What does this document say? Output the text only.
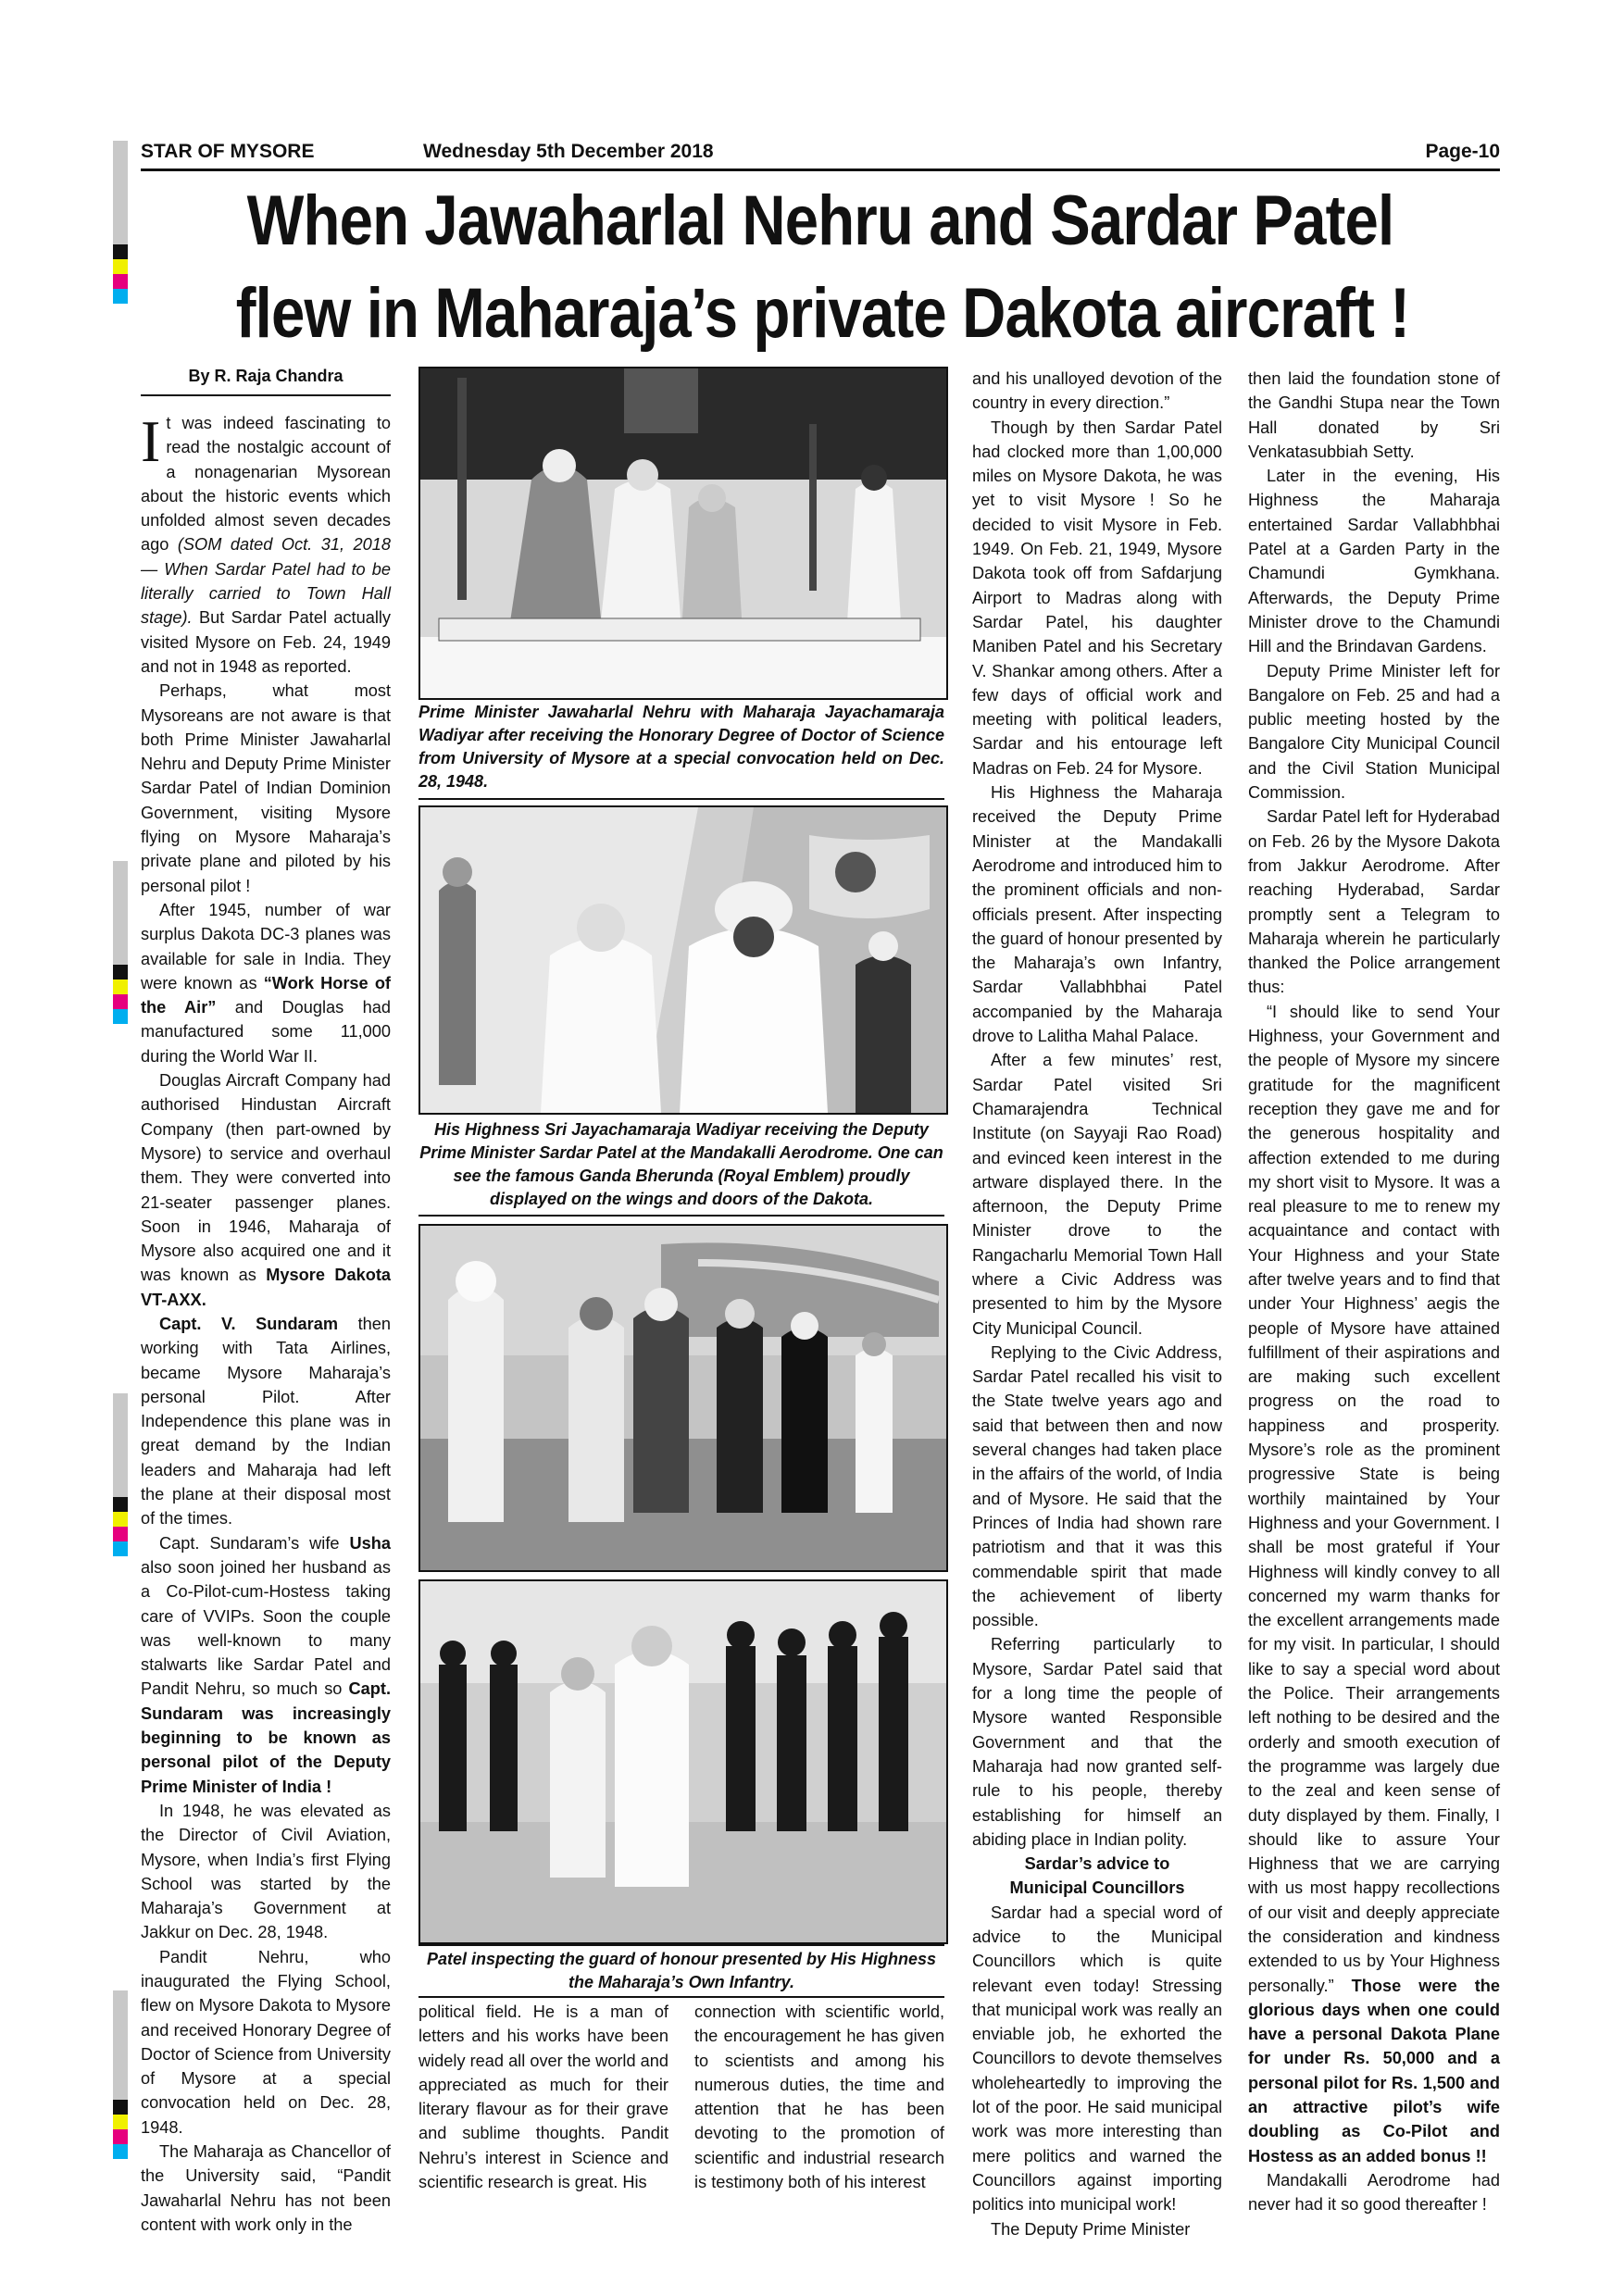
STAR OF MYSORE	Wednesday 5th December 2018	Page-10
When Jawaharlal Nehru and Sardar Patel
flew in Maharaja’s private Dakota aircraft !
By R. Raja Chandra

It was indeed fascinating to read the nostalgic account of a nonagenarian Mysorean about the historic events which unfolded almost seven decades ago (SOM dated Oct. 31, 2018 — When Sardar Patel had to be literally carried to Town Hall stage). But Sardar Patel actually visited Mysore on Feb. 24, 1949 and not in 1948 as reported.

Perhaps, what most Mysoreans are not aware is that both Prime Minister Jawaharlal Nehru and Deputy Prime Minister Sardar Patel of Indian Dominion Government, visiting Mysore flying on Mysore Maharaja’s private plane and piloted by his personal pilot !

After 1945, number of war surplus Dakota DC-3 planes was available for sale in India. They were known as “Work Horse of the Air” and Douglas had manufactured some 11,000 during the World War II.

Douglas Aircraft Company had authorised Hindustan Aircraft Company (then part-owned by Mysore) to service and overhaul them. They were converted into 21-seater passenger planes. Soon in 1946, Maharaja of Mysore also acquired one and it was known as Mysore Dakota VT-AXX.

Capt. V. Sundaram then working with Tata Airlines, became Mysore Maharaja’s personal Pilot. After Independence this plane was in great demand by the Indian leaders and Maharaja had left the plane at their disposal most of the times.

Capt. Sundaram’s wife Usha also soon joined her husband as a Co-Pilot-cum-Hostess taking care of VVIPs. Soon the couple was well-known to many stalwarts like Sardar Patel and Pandit Nehru, so much so Capt. Sundaram was increasingly beginning to be known as personal pilot of the Deputy Prime Minister of India !

In 1948, he was elevated as the Director of Civil Aviation, Mysore, when India’s first Flying School was started by the Maharaja’s Government at Jakkur on Dec. 28, 1948.

Pandit Nehru, who inaugurated the Flying School, flew on Mysore Dakota to Mysore and received Honorary Degree of Doctor of Science from University of Mysore at a special convocation held on Dec. 28, 1948.

The Maharaja as Chancellor of the University said, “Pandit Jawaharlal Nehru has not been content with work only in the

Prime Minister Jawaharlal Nehru with Maharaja Jayachamaraja Wadiyar after receiving the Honorary Degree of Doctor of Science from University of Mysore at a special convocation held on Dec. 28, 1948.
His Highness Sri Jayachamaraja Wadiyar receiving the Deputy Prime Minister Sardar Patel at the Mandakalli Aerodrome. One can see the famous Ganda Bherunda (Royal Emblem) proudly displayed on the wings and doors of the Dakota.
Patel inspecting the guard of honour presented by His Highness the Maharaja’s Own Infantry.

political field. He is a man of letters and his works have been widely read all over the world and appreciated as much for their literary flavour as for their grave and sublime thoughts. Pandit Nehru’s interest in Science and scientific research is great. His

connection with scientific world, the encouragement he has given to scientists and among his numerous duties, the time and attention that he has been devoting to the promotion of scientific and industrial research is testimony both of his interest

and his unalloyed devotion of the country in every direction.”

Though by then Sardar Patel had clocked more than 1,00,000 miles on Mysore Dakota, he was yet to visit Mysore ! So he decided to visit Mysore in Feb. 1949. On Feb. 21, 1949, Mysore Dakota took off from Safdarjung Airport to Madras along with Sardar Patel, his daughter Maniben Patel and his Secretary V. Shankar among others. After a few days of official work and meeting with political leaders, Sardar and his entourage left Madras on Feb. 24 for Mysore.

His Highness the Maharaja received the Deputy Prime Minister at the Mandakalli Aerodrome and introduced him to the prominent officials and non-officials present. After inspecting the guard of honour presented by the Maharaja’s own Infantry, Sardar Vallabhbhai Patel accompanied by the Maharaja drove to Lalitha Mahal Palace.

After a few minutes’ rest, Sardar Patel visited Sri Chamarajendra Technical Institute (on Sayyaji Rao Road) and evinced keen interest in the artware displayed there. In the afternoon, the Deputy Prime Minister drove to the Rangacharlu Memorial Town Hall where a Civic Address was presented to him by the Mysore City Municipal Council.

Replying to the Civic Address, Sardar Patel recalled his visit to the State twelve years ago and said that between then and now several changes had taken place in the affairs of the world, of India and of Mysore. He said that the Princes of India had shown rare patriotism and that it was this commendable spirit that made the achievement of liberty possible.

Referring particularly to Mysore, Sardar Patel said that for a long time the people of Mysore wanted Responsible Government and that the Maharaja had now granted self-rule to his people, thereby establishing for himself an abiding place in Indian polity.

Sardar’s advice to

Municipal Councillors

Sardar had a special word of advice to the Municipal Councillors which is quite relevant even today! Stressing that municipal work was really an enviable job, he exhorted the Councillors to devote themselves wholeheartedly to improving the lot of the poor. He said municipal work was more interesting than mere politics and warned the Councillors against importing politics into municipal work!

The Deputy Prime Minister

then laid the foundation stone of the Gandhi Stupa near the Town Hall donated by Sri Venkatasubbiah Setty.

Later in the evening, His Highness the Maharaja entertained Sardar Vallabhbhai Patel at a Garden Party in the Chamundi Gymkhana. Afterwards, the Deputy Prime Minister drove to the Chamundi Hill and the Brindavan Gardens.

Deputy Prime Minister left for Bangalore on Feb. 25 and had a public meeting hosted by the Bangalore City Municipal Council and the Civil Station Municipal Commission.

Sardar Patel left for Hyderabad on Feb. 26 by the Mysore Dakota from Jakkur Aerodrome. After reaching Hyderabad, Sardar promptly sent a Telegram to Maharaja wherein he particularly thanked the Police arrangement thus:

“I should like to send Your Highness, your Government and the people of Mysore my sincere gratitude for the magnificent reception they gave me and for the generous hospitality and affection extended to me during my short visit to Mysore. It was a real pleasure to me to renew my acquaintance and contact with Your Highness and your State after twelve years and to find that under Your Highness’ aegis the people of Mysore have attained fulfillment of their aspirations and are making such excellent progress on the road to happiness and prosperity. Mysore’s role as the prominent progressive State is being worthily maintained by Your Highness and your Government. I shall be most grateful if Your Highness will kindly convey to all concerned my warm thanks for the excellent arrangements made for my visit. In particular, I should like to say a special word about the Police. Their arrangements left nothing to be desired and the orderly and smooth execution of the programme was largely due to the zeal and keen sense of duty displayed by them. Finally, I should like to assure Your Highness that we are carrying with us most happy recollections of our visit and deeply appreciate the consideration and kindness extended to us by Your Highness personally.” Those were the glorious days when one could have a personal Dakota Plane for under Rs. 50,000 and a personal pilot for Rs. 1,500 and an attractive pilot’s wife doubling as Co-Pilot and Hostess as an added bonus !!

Mandakalli Aerodrome had never had it so good thereafter !
